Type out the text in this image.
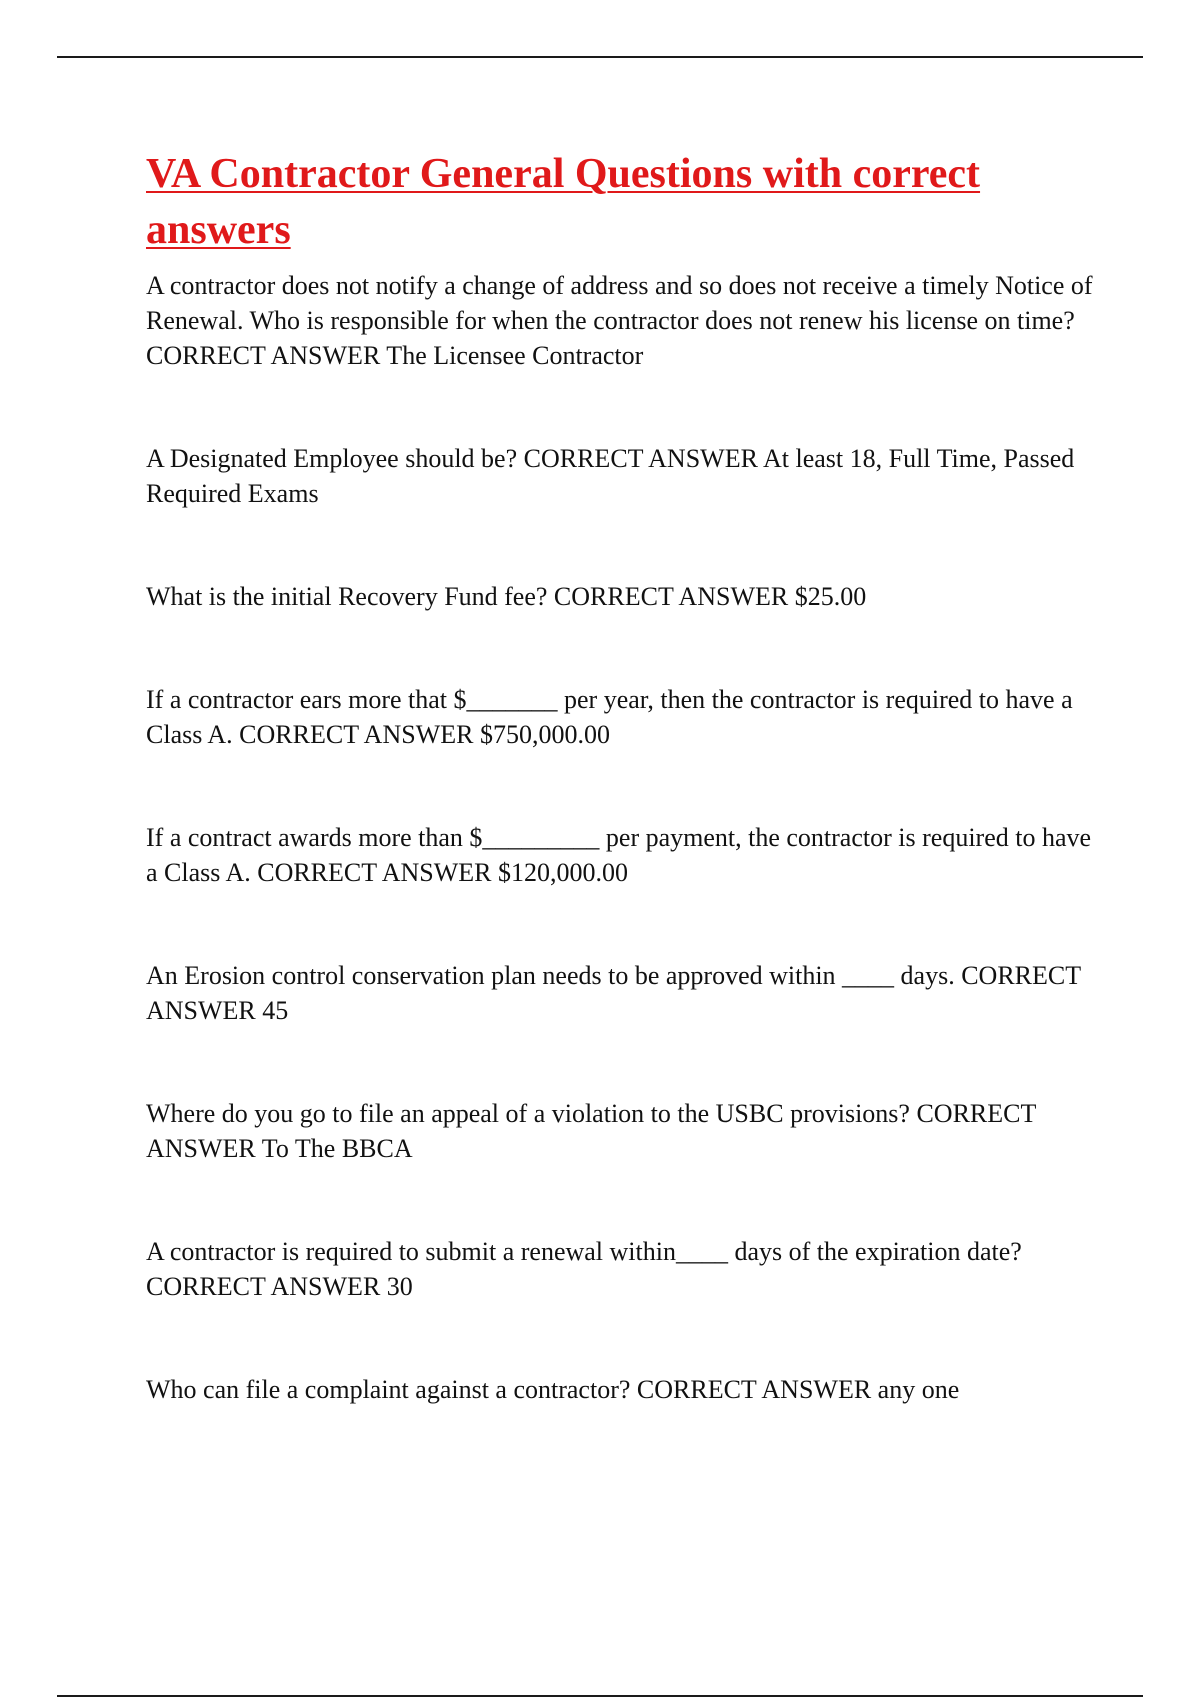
VA Contractor General Questions with correct answers
A contractor does not notify a change of address and so does not receive a timely Notice of Renewal. Who is responsible for when the contractor does not renew his license on time? CORRECT ANSWER The Licensee Contractor
A Designated Employee should be? CORRECT ANSWER At least 18, Full Time, Passed Required Exams
What is the initial Recovery Fund fee? CORRECT ANSWER $25.00
If a contractor ears more that $_______ per year, then the contractor is required to have a Class A. CORRECT ANSWER $750,000.00
If a contract awards more than $_________ per payment, the contractor is required to have a Class A. CORRECT ANSWER $120,000.00
An Erosion control conservation plan needs to be approved within ____ days. CORRECT ANSWER 45
Where do you go to file an appeal of a violation to the USBC provisions? CORRECT ANSWER To The BBCA
A contractor is required to submit a renewal within____ days of the expiration date? CORRECT ANSWER 30
Who can file a complaint against a contractor? CORRECT ANSWER any one
